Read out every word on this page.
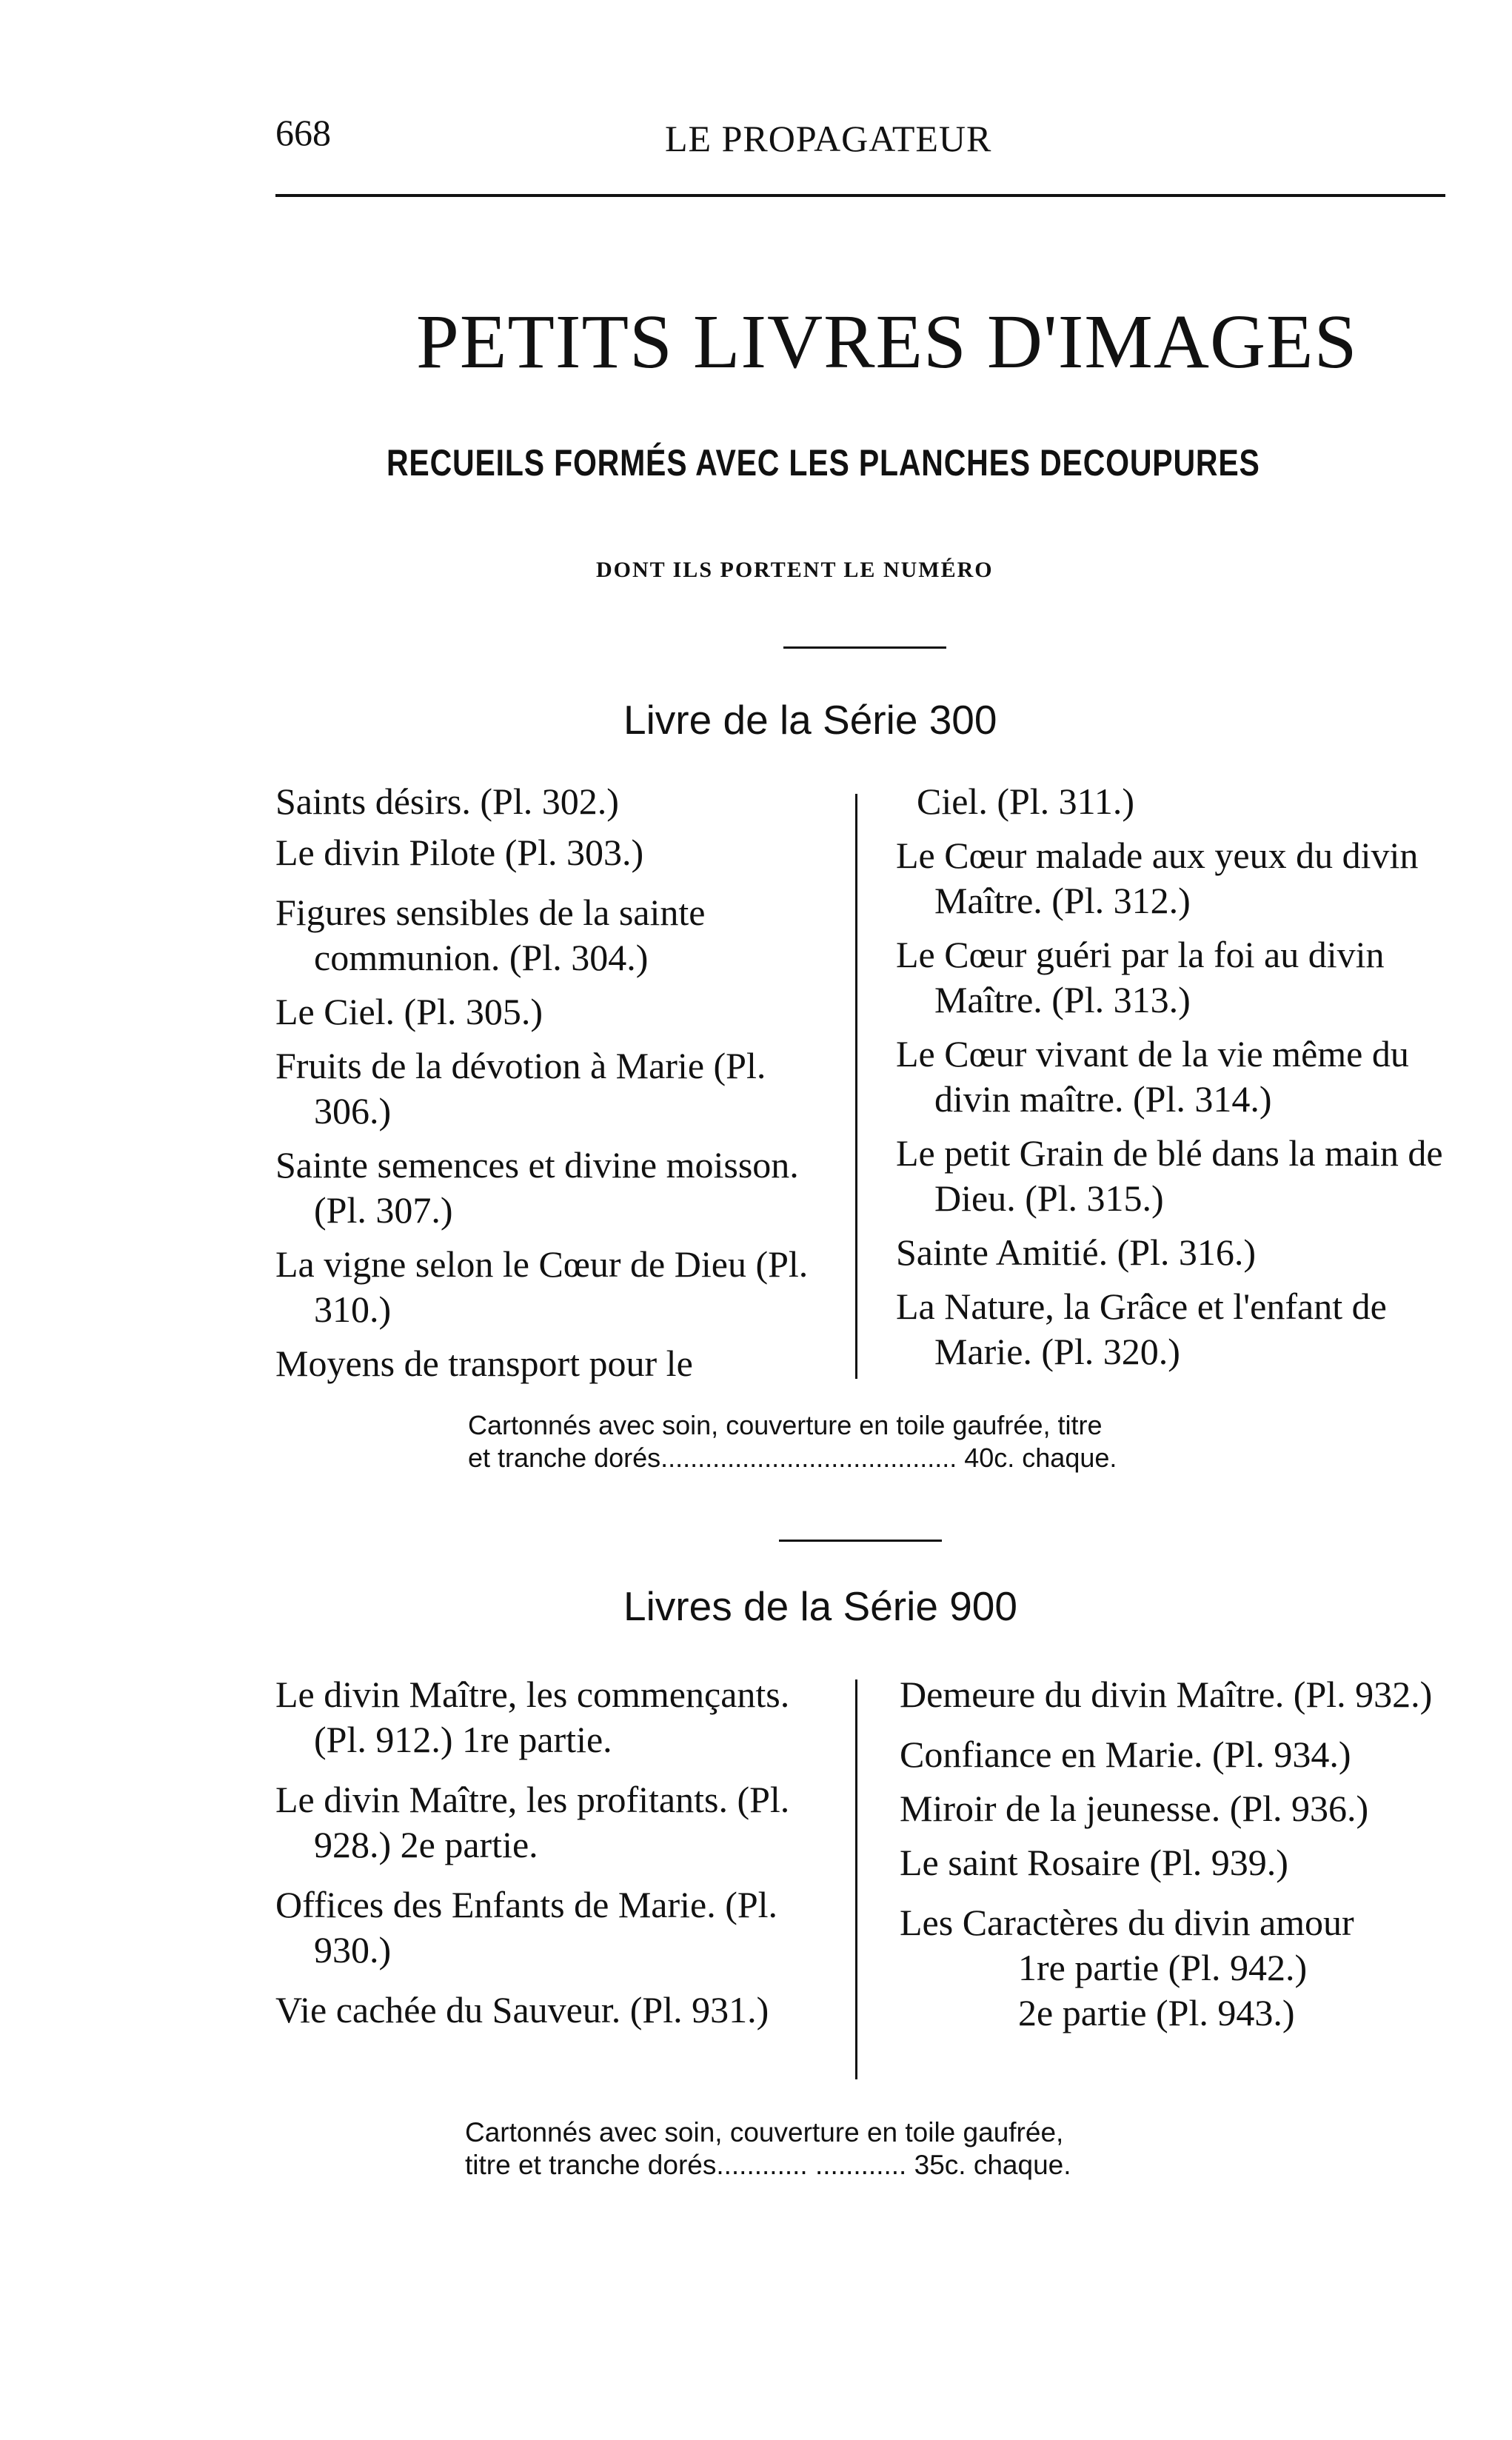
668	LE PROPAGATEUR
PETITS LIVRES D'IMAGES
RECUEILS FORMÉS AVEC LES PLANCHES DECOUPURES
DONT ILS PORTENT LE NUMÉRO
Livre de la Série 300

Saints désirs. (Pl. 302.)

Le divin Pilote (Pl. 303.)

Figures sensibles de la sainte communion. (Pl. 304.)

Le Ciel. (Pl. 305.)

Fruits de la dévotion à Marie (Pl. 306.)

Sainte semences et divine moisson. (Pl. 307.)

La vigne selon le Cœur de Dieu (Pl. 310.)

Moyens de transport pour le

Ciel. (Pl. 311.)

Le Cœur malade aux yeux du divin Maître. (Pl. 312.)

Le Cœur guéri par la foi au divin Maître. (Pl. 313.)

Le Cœur vivant de la vie même du divin maître. (Pl. 314.)

Le petit Grain de blé dans la main de Dieu. (Pl. 315.)

Sainte Amitié. (Pl. 316.)

La Nature, la Grâce et l'enfant de Marie. (Pl. 320.)

Cartonnés avec soin, couverture en toile gaufrée, titre
et tranche dorés........................................ 40c. chaque.
Livres de la Série 900

Le divin Maître, les commençants. (Pl. 912.) 1re partie.

Le divin Maître, les profitants. (Pl. 928.) 2e partie.

Offices des Enfants de Marie. (Pl. 930.)

Vie cachée du Sauveur. (Pl. 931.)

Demeure du divin Maître. (Pl. 932.)

Confiance en Marie. (Pl. 934.)

Miroir de la jeunesse. (Pl. 936.)

Le saint Rosaire (Pl. 939.)

Les Caractères du divin amour

1re partie (Pl. 942.)

2e partie (Pl. 943.)

Cartonnés avec soin, couverture en toile gaufrée,
titre et tranche dorés............ ............ 35c. chaque.
